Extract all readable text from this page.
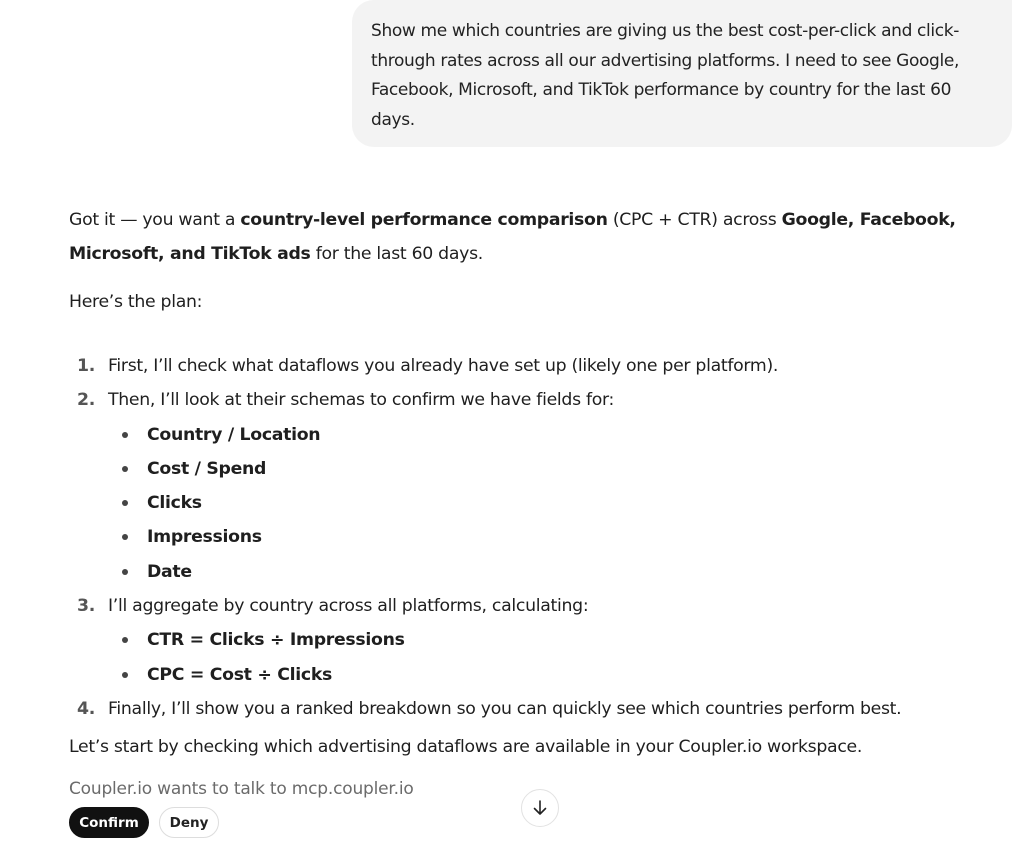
Show me which countries are giving us the best cost-per-click and click-through rates across all our advertising platforms. I need to see Google, Facebook, Microsoft, and TikTok performance by country for the last 60 days.

Got it — you want a country-level performance comparison (CPC + CTR) across Google, Facebook, Microsoft, and TikTok ads for the last 60 days.

Here’s the plan:

1. First, I’ll check what dataflows you already have set up (likely one per platform).
2. Then, I’ll look at their schemas to confirm we have fields for:
Country / Location
Cost / Spend
Clicks
Impressions
Date
3. I’ll aggregate by country across all platforms, calculating:
CTR = Clicks ÷ Impressions
CPC = Cost ÷ Clicks
4. Finally, I’ll show you a ranked breakdown so you can quickly see which countries perform best.

Let’s start by checking which advertising dataflows are available in your Coupler.io workspace.

Coupler.io wants to talk to mcp.coupler.io
Confirm	Deny
